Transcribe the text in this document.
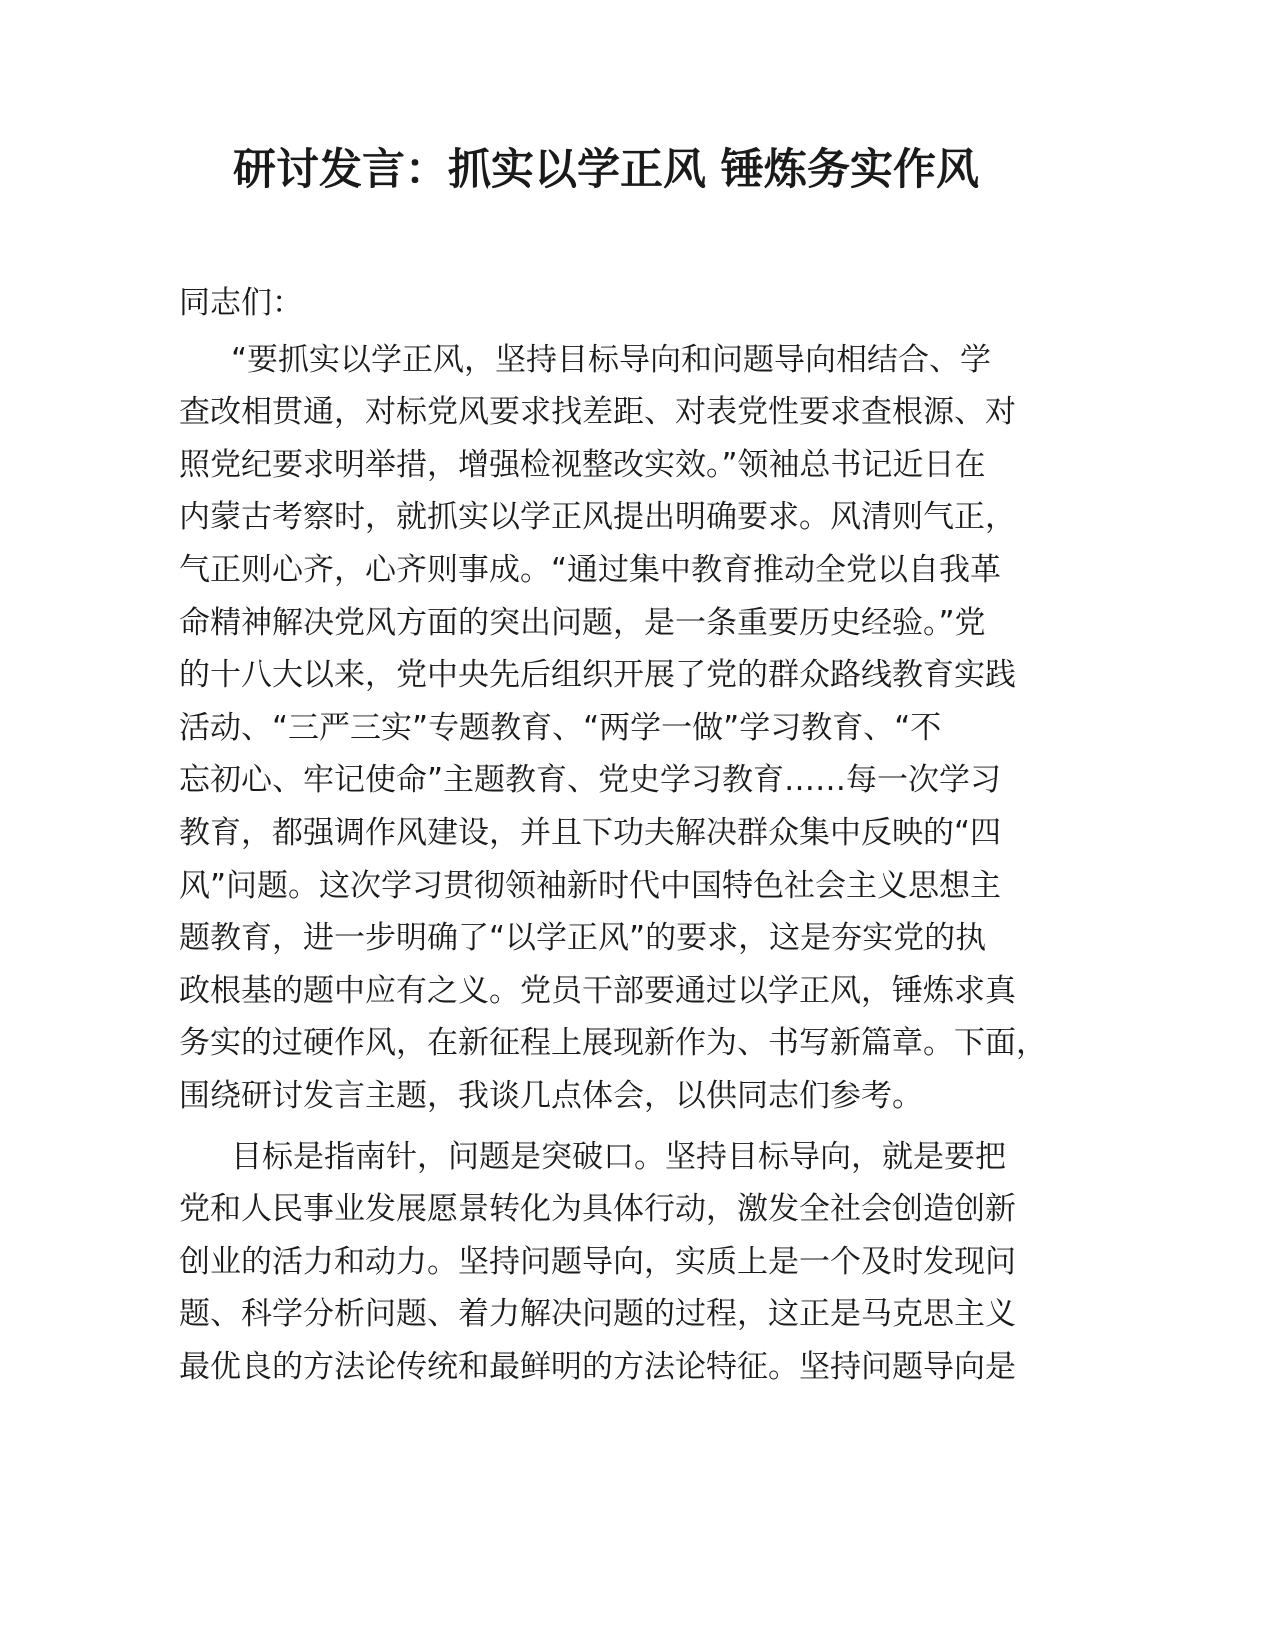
研讨发言：抓实以学正风 锤炼务实作风
同志们：
“要抓实以学正风，坚持目标导向和问题导向相结合、学
查改相贯通，对标党风要求找差距、对表党性要求查根源、对
照党纪要求明举措，增强检视整改实效。”领袖总书记近日在
内蒙古考察时，就抓实以学正风提出明确要求。风清则气正，
气正则心齐，心齐则事成。“通过集中教育推动全党以自我革
命精神解决党风方面的突出问题，是一条重要历史经验。”党
的十八大以来，党中央先后组织开展了党的群众路线教育实践
活动、“三严三实”专题教育、“两学一做”学习教育、“不
忘初心、牢记使命”主题教育、党史学习教育……每一次学习
教育，都强调作风建设，并且下功夫解决群众集中反映的“四
风”问题。这次学习贯彻领袖新时代中国特色社会主义思想主
题教育，进一步明确了“以学正风”的要求，这是夯实党的执
政根基的题中应有之义。党员干部要通过以学正风，锤炼求真
务实的过硬作风，在新征程上展现新作为、书写新篇章。下面，
围绕研讨发言主题，我谈几点体会，以供同志们参考。
目标是指南针，问题是突破口。坚持目标导向，就是要把
党和人民事业发展愿景转化为具体行动，激发全社会创造创新
创业的活力和动力。坚持问题导向，实质上是一个及时发现问
题、科学分析问题、着力解决问题的过程，这正是马克思主义
最优良的方法论传统和最鲜明的方法论特征。坚持问题导向是
